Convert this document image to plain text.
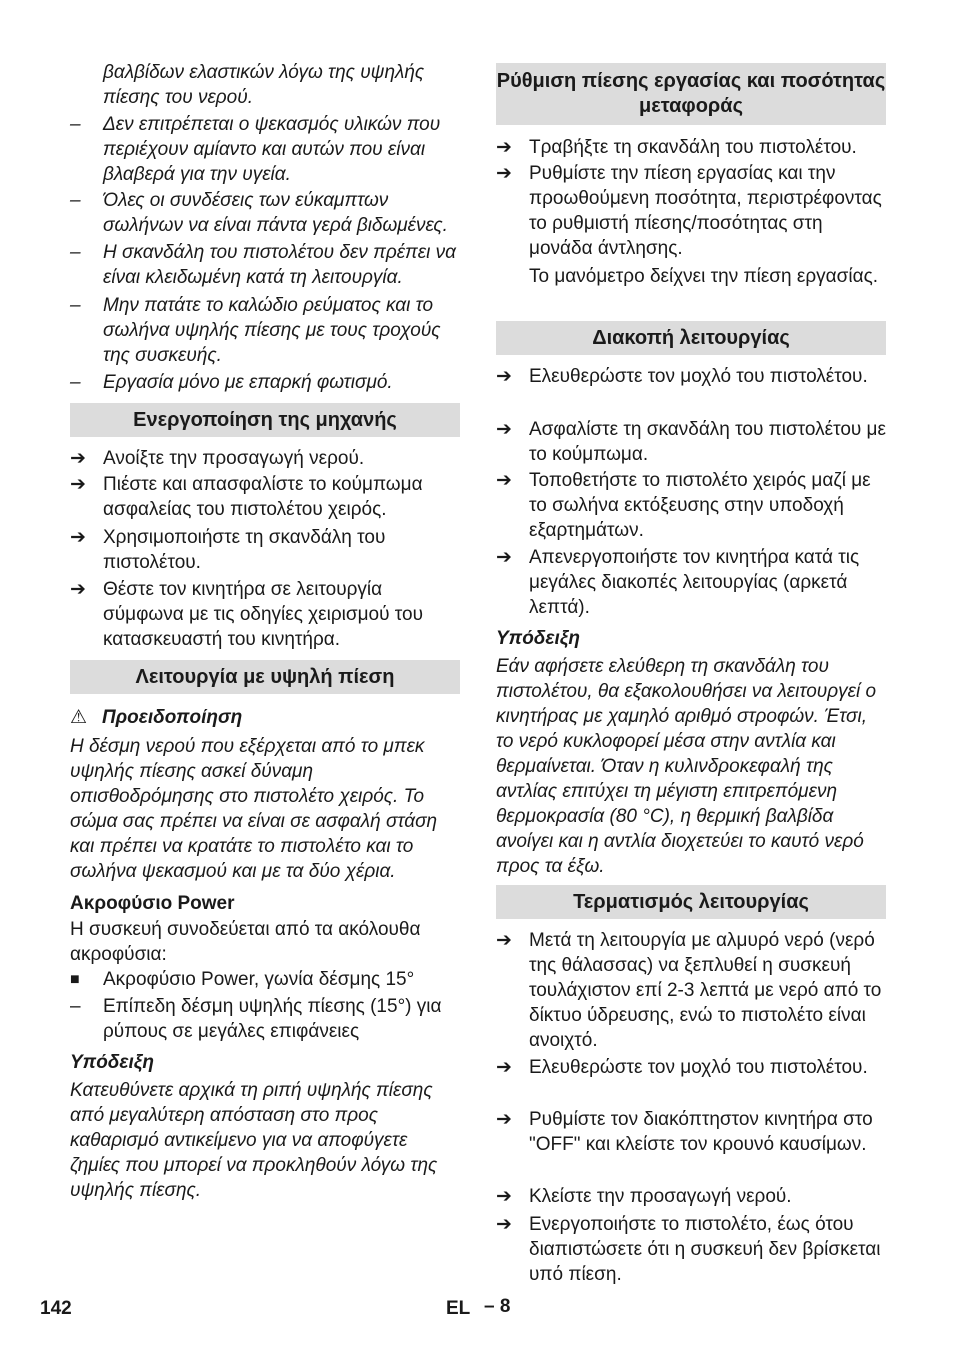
βαλβίδων ελαστικών λόγω της υψηλής πίεσης του νερού.

–	Δεν επιτρέπεται ο ψεκασμός υλικών που περιέχουν αμίαντο και αυτών που είναι βλαβερά για την υγεία.

–	Όλες οι συνδέσεις των εύκαμπτων σωλήνων να είναι πάντα γερά βιδωμένες.

–	Η σκανδάλη του πιστολέτου δεν πρέπει να είναι κλειδωμένη κατά τη λειτουργία.

–	Μην πατάτε το καλώδιο ρεύματος και το σωλήνα υψηλής πίεσης με τους τροχούς της συσκευής.

–	Εργασία μόνο με επαρκή φωτισμό.

Ενεργοποίηση της μηχανής
➔ Ανοίξτε την προσαγωγή νερού.

➔ Πιέστε και απασφαλίστε το κούμπωμα ασφαλείας του πιστολέτου χειρός.

➔ Χρησιμοποιήστε τη σκανδάλη του πιστολέτου.

➔ Θέστε τον κινητήρα σε λειτουργία σύμφωνα με τις οδηγίες χειρισμού του κατασκευαστή του κινητήρα.

Λειτουργία με υψηλή πίεση
⚠ Προειδοποίηση

Η δέσμη νερού που εξέρχεται από το μπεκ υψηλής πίεσης ασκεί δύναμη οπισθοδρόμησης στο πιστολέτο χειρός. Το σώμα σας πρέπει να είναι σε ασφαλή στάση και πρέπει να κρατάτε το πιστολέτο και το σωλήνα ψεκασμού και με τα δύο χέρια.

Ακροφύσιο Power

Η συσκευή συνοδεύεται από τα ακόλουθα ακροφύσια:

■	Ακροφύσιο Power, γωνία δέσμης 15°

–	Επίπεδη δέσμη υψηλής πίεσης (15°) για ρύπους σε μεγάλες επιφάνειες

Υπόδειξη

Κατευθύνετε αρχικά τη ριπή υψηλής πίεσης από μεγαλύτερη απόσταση στο προς καθαρισμό αντικείμενο για να αποφύγετε ζημίες που μπορεί να προκληθούν λόγω της υψηλής πίεσης.

Ρύθμιση πίεσης εργασίας και ποσότητας μεταφοράς
➔ Τραβήξτε τη σκανδάλη του πιστολέτου.

➔ Ρυθμίστε την πίεση εργασίας και την προωθούμενη ποσότητα, περιστρέφοντας το ρυθμιστή πίεσης/ποσότητας στη μονάδα άντλησης.

Το μανόμετρο δείχνει την πίεση εργασίας.

Διακοπή λειτουργίας
➔ Ελευθερώστε τον μοχλό του πιστολέτου.

➔ Ασφαλίστε τη σκανδάλη του πιστολέτου με το κούμπωμα.

➔ Τοποθετήστε το πιστολέτο χειρός μαζί με το σωλήνα εκτόξευσης στην υποδοχή εξαρτημάτων.

➔ Απενεργοποιήστε τον κινητήρα κατά τις μεγάλες διακοπές λειτουργίας (αρκετά λεπτά).

Υπόδειξη

Εάν αφήσετε ελεύθερη τη σκανδάλη του πιστολέτου, θα εξακολουθήσει να λειτουργεί ο κινητήρας με χαμηλό αριθμό στροφών. Έτσι, το νερό κυκλοφορεί μέσα στην αντλία και θερμαίνεται. Όταν η κυλινδροκεφαλή της αντλίας επιτύχει τη μέγιστη επιτρεπόμενη θερμοκρασία (80 °C), η θερμική βαλβίδα ανοίγει και η αντλία διοχετεύει το καυτό νερό προς τα έξω.

Τερματισμός λειτουργίας
➔ Μετά τη λειτουργία με αλμυρό νερό (νερό της θάλασσας) να ξεπλυθεί η συσκευή τουλάχιστον επί 2-3 λεπτά με νερό από το δίκτυο ύδρευσης, ενώ το πιστολέτο είναι ανοιχτό.

➔ Ελευθερώστε τον μοχλό του πιστολέτου.

➔ Ρυθμίστε τον διακόπτηστον κινητήρα στο "OFF" και κλείστε τον κρουνό καυσίμων.

➔ Κλείστε την προσαγωγή νερού.

➔ Ενεργοποιήστε το πιστολέτο, έως ότου διαπιστώσετε ότι η συσκευή δεν βρίσκεται υπό πίεση.

142	EL – 8
